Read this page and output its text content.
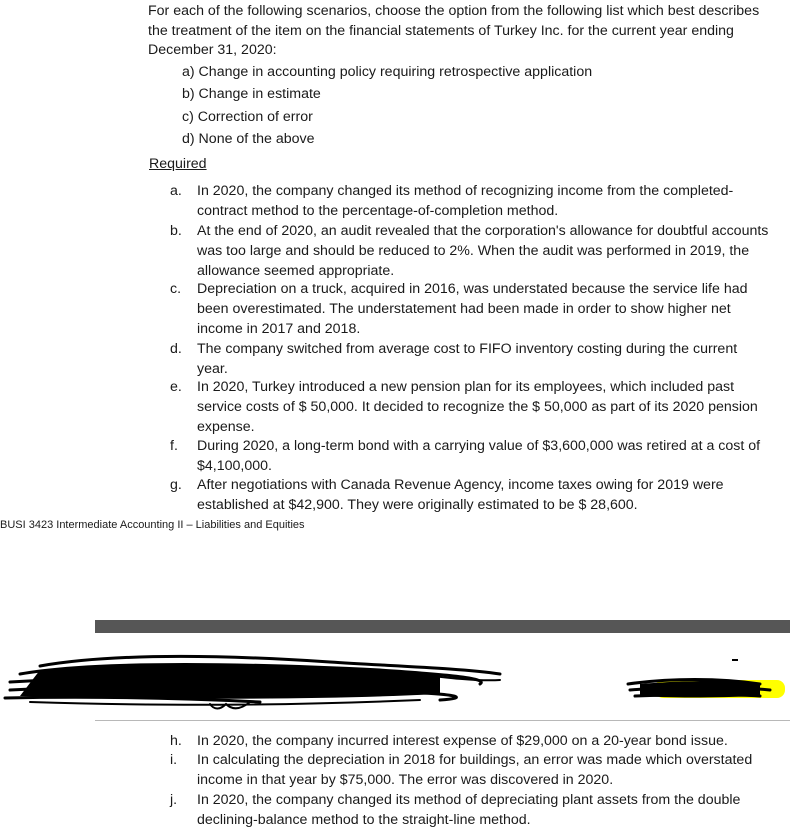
For each of the following scenarios, choose the option from the following list which best describes the treatment of the item on the financial statements of Turkey Inc. for the current year ending December 31, 2020:
a) Change in accounting policy requiring retrospective application
b) Change in estimate
c) Correction of error
d) None of the above
Required
a.	In 2020, the company changed its method of recognizing income from the completed-contract method to the percentage-of-completion method.
b.	At the end of 2020, an audit revealed that the corporation's allowance for doubtful accounts was too large and should be reduced to 2%. When the audit was performed in 2019, the allowance seemed appropriate.
c.	Depreciation on a truck, acquired in 2016, was understated because the service life had been overestimated. The understatement had been made in order to show higher net income in 2017 and 2018.
d.	The company switched from average cost to FIFO inventory costing during the current year.
e.	In 2020, Turkey introduced a new pension plan for its employees, which included past service costs of $ 50,000. It decided to recognize the $ 50,000 as part of its 2020 pension expense.
f.	During 2020, a long-term bond with a carrying value of $3,600,000 was retired at a cost of $4,100,000.
g.	After negotiations with Canada Revenue Agency, income taxes owing for 2019 were established at $42,900. They were originally estimated to be $ 28,600.
BUSI 3423 Intermediate Accounting II – Liabilities and Equities
h.	In 2020, the company incurred interest expense of $29,000 on a 20-year bond issue.
i.	In calculating the depreciation in 2018 for buildings, an error was made which overstated income in that year by $75,000. The error was discovered in 2020.
j.	In 2020, the company changed its method of depreciating plant assets from the double declining-balance method to the straight-line method.
